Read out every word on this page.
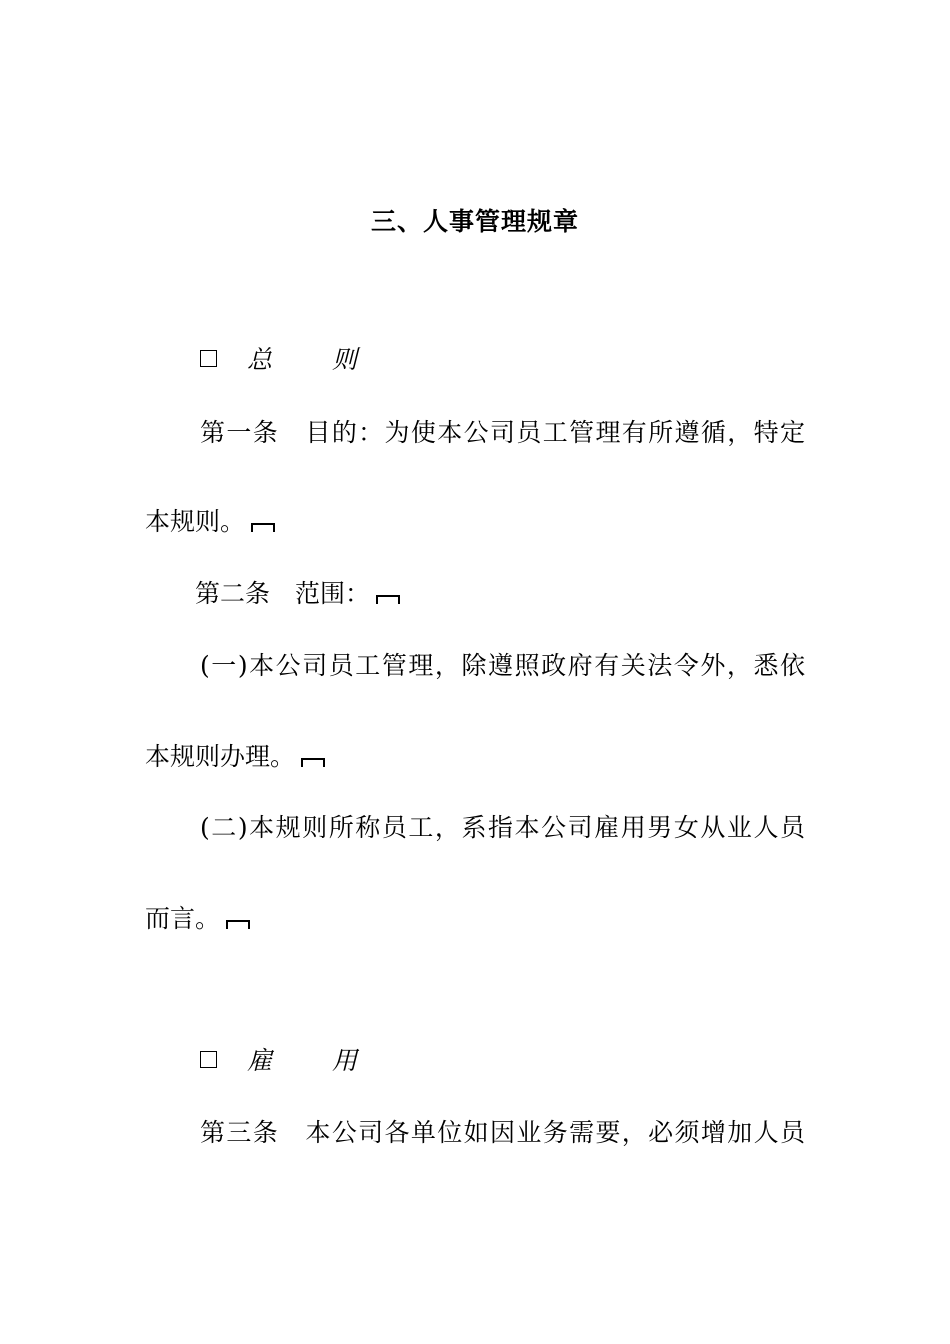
三、人事管理规章
总 则
第一条　目的：为使本公司员工管理有所遵循，特定
本规则。
第二条　范围：
(一)本公司员工管理，除遵照政府有关法令外，悉依
本规则办理。
(二)本规则所称员工，系指本公司雇用男女从业人员
而言。
雇 用
第三条　本公司各单位如因业务需要，必须增加人员
